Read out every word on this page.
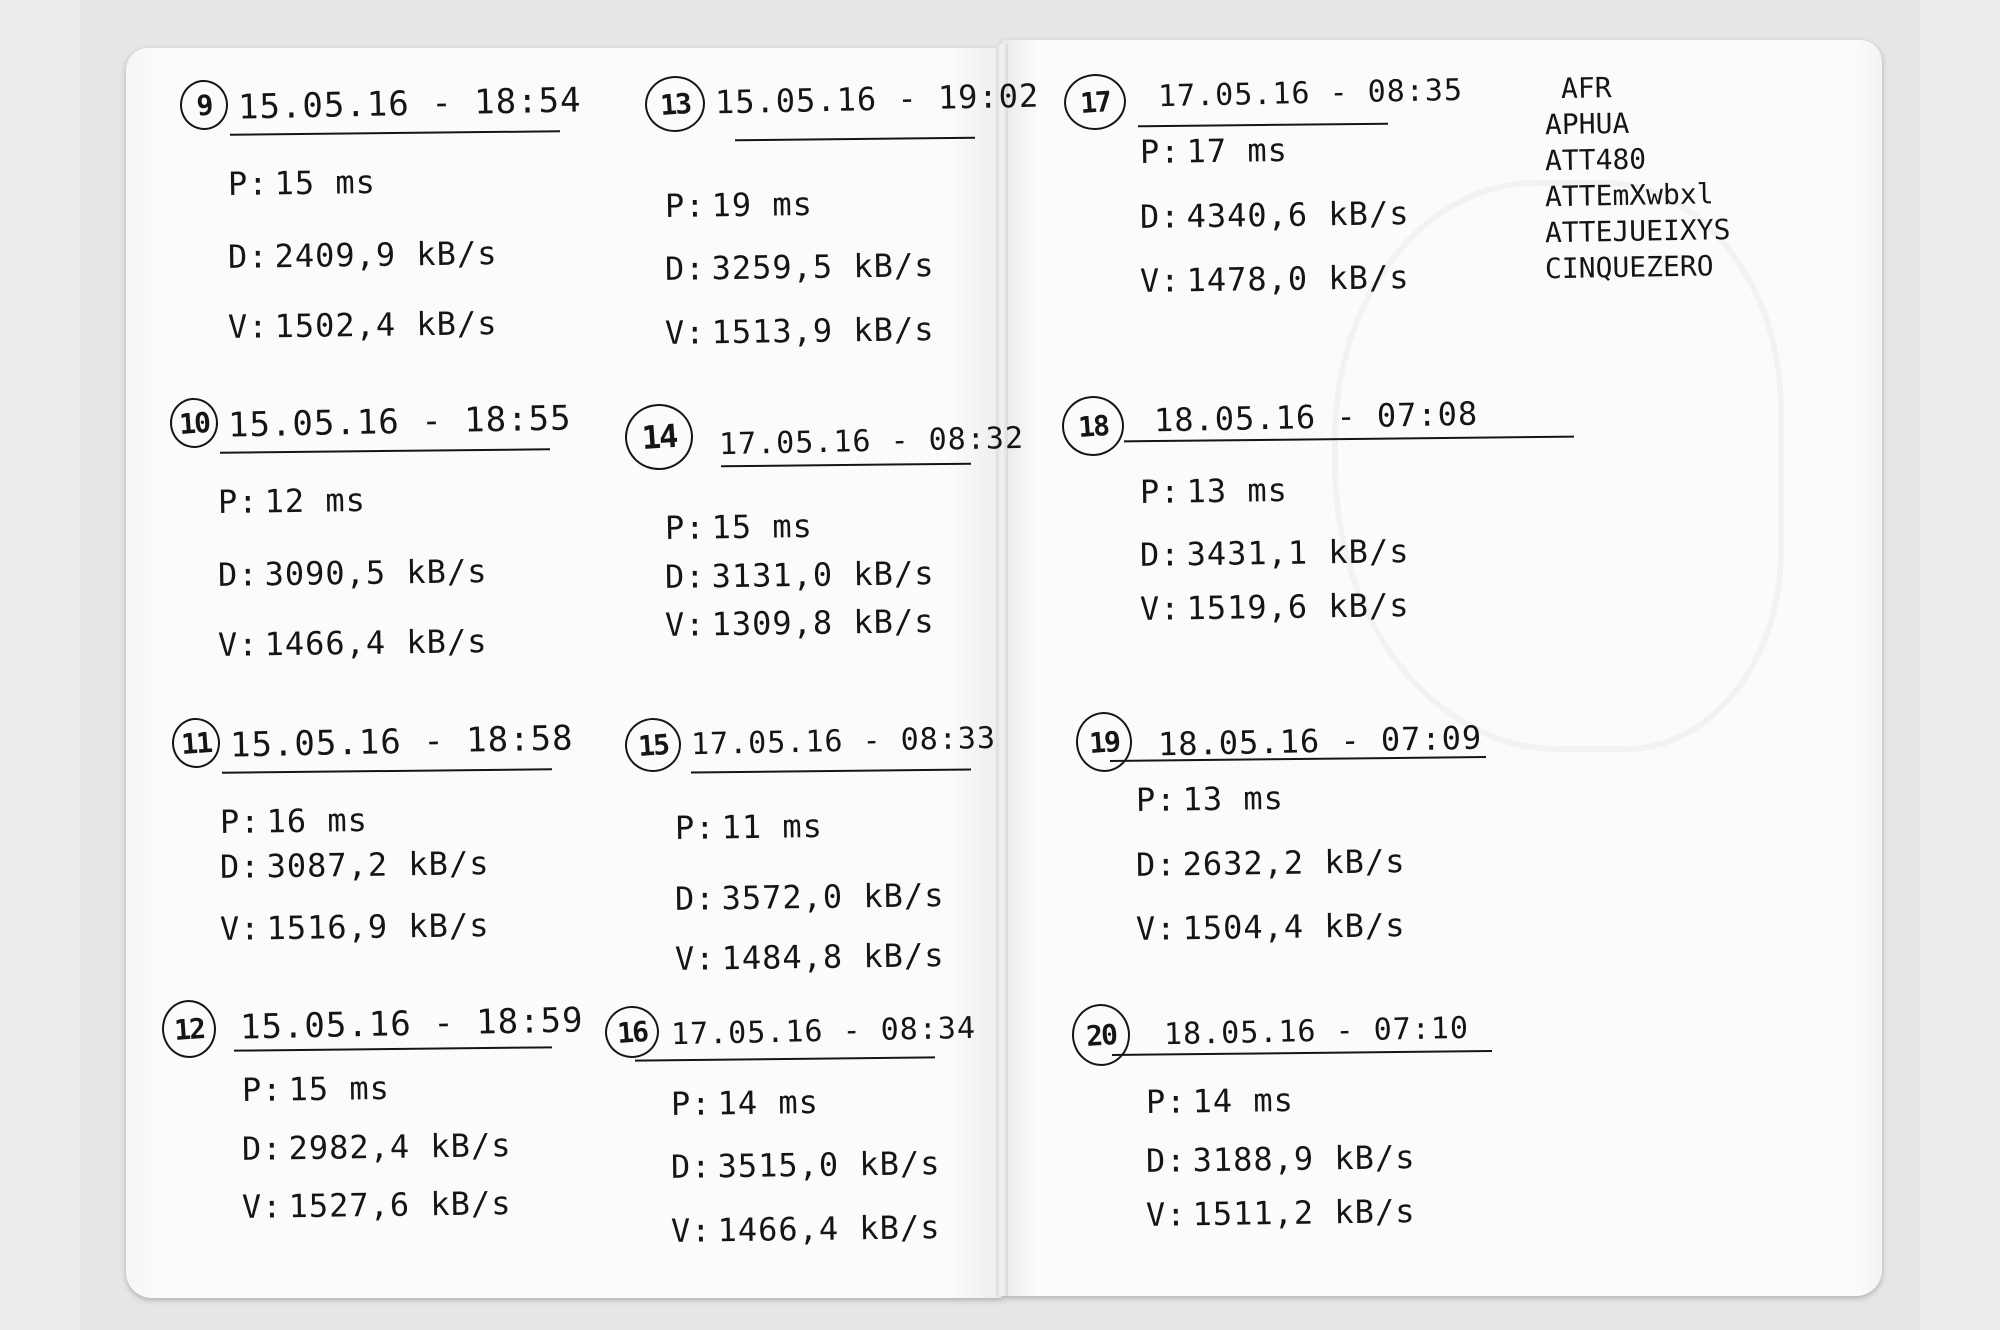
9 15.05.16 - 18:54
P: 15 ms
D: 2409,9 kB/s
V: 1502,4 kB/s
10 15.05.16 - 18:55
P: 12 ms
D: 3090,5 kB/s
V: 1466,4 kB/s
11 15.05.16 - 18:58
P: 16 ms
D: 3087,2 kB/s
V: 1516,9 kB/s
12	15.05.16 - 18:59
P: 15 ms
D: 2982,4 kB/s
V: 1527,6 kB/s
13 15.05.16 - 19:02
P: 19 ms
D: 3259,5 kB/s
V: 1513,9 kB/s
14	17.05.16 - 08:32
P: 15 ms
D: 3131,0 kB/s
V: 1309,8 kB/s
15 17.05.16 - 08:33
P: 11 ms
D: 3572,0 kB/s
V: 1484,8 kB/s
16 17.05.16 - 08:34
P: 14 ms
D: 3515,0 kB/s
V: 1466,4 kB/s
17	17.05.16 - 08:35
P: 17 ms
D: 4340,6 kB/s
V: 1478,0 kB/s
18	18.05.16 - 07:08
P: 13 ms
D: 3431,1 kB/s
V: 1519,6 kB/s
19	18.05.16 - 07:09
P: 13 ms
D: 2632,2 kB/s
V: 1504,4 kB/s
20	18.05.16 - 07:10
P: 14 ms
D: 3188,9 kB/s
V: 1511,2 kB/s
AFR
APHUA
ATT480
ATTEmXwbxl
ATTEJUEIXYS
CINQUEZERO
